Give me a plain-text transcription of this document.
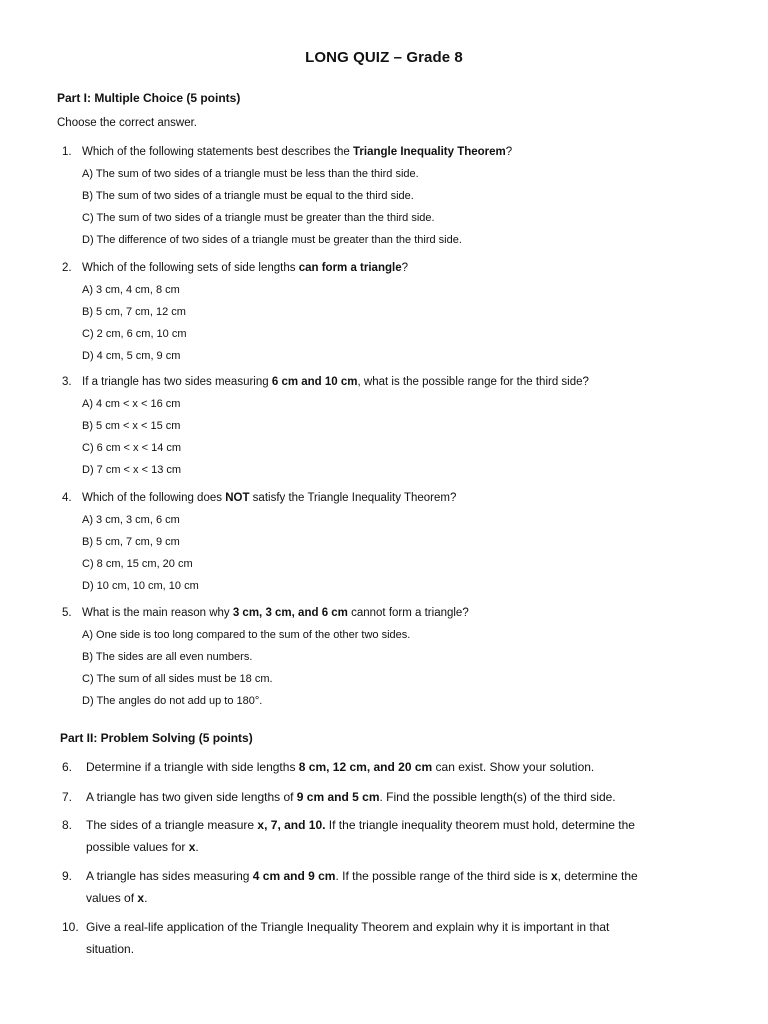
LONG QUIZ – Grade 8
Part I: Multiple Choice (5 points)
Choose the correct answer.
1. Which of the following statements best describes the Triangle Inequality Theorem?
A) The sum of two sides of a triangle must be less than the third side.
B) The sum of two sides of a triangle must be equal to the third side.
C) The sum of two sides of a triangle must be greater than the third side.
D) The difference of two sides of a triangle must be greater than the third side.
2. Which of the following sets of side lengths can form a triangle?
A) 3 cm, 4 cm, 8 cm
B) 5 cm, 7 cm, 12 cm
C) 2 cm, 6 cm, 10 cm
D) 4 cm, 5 cm, 9 cm
3. If a triangle has two sides measuring 6 cm and 10 cm, what is the possible range for the third side?
A) 4 cm < x < 16 cm
B) 5 cm < x < 15 cm
C) 6 cm < x < 14 cm
D) 7 cm < x < 13 cm
4. Which of the following does NOT satisfy the Triangle Inequality Theorem?
A) 3 cm, 3 cm, 6 cm
B) 5 cm, 7 cm, 9 cm
C) 8 cm, 15 cm, 20 cm
D) 10 cm, 10 cm, 10 cm
5. What is the main reason why 3 cm, 3 cm, and 6 cm cannot form a triangle?
A) One side is too long compared to the sum of the other two sides.
B) The sides are all even numbers.
C) The sum of all sides must be 18 cm.
D) The angles do not add up to 180°.
Part II: Problem Solving (5 points)
6.	Determine if a triangle with side lengths 8 cm, 12 cm, and 20 cm can exist. Show your solution.
7.	A triangle has two given side lengths of 9 cm and 5 cm. Find the possible length(s) of the third side.
8.	The sides of a triangle measure x, 7, and 10. If the triangle inequality theorem must hold, determine the possible values for x.
9.	A triangle has sides measuring 4 cm and 9 cm. If the possible range of the third side is x, determine the values of x.
10. Give a real-life application of the Triangle Inequality Theorem and explain why it is important in that situation.
